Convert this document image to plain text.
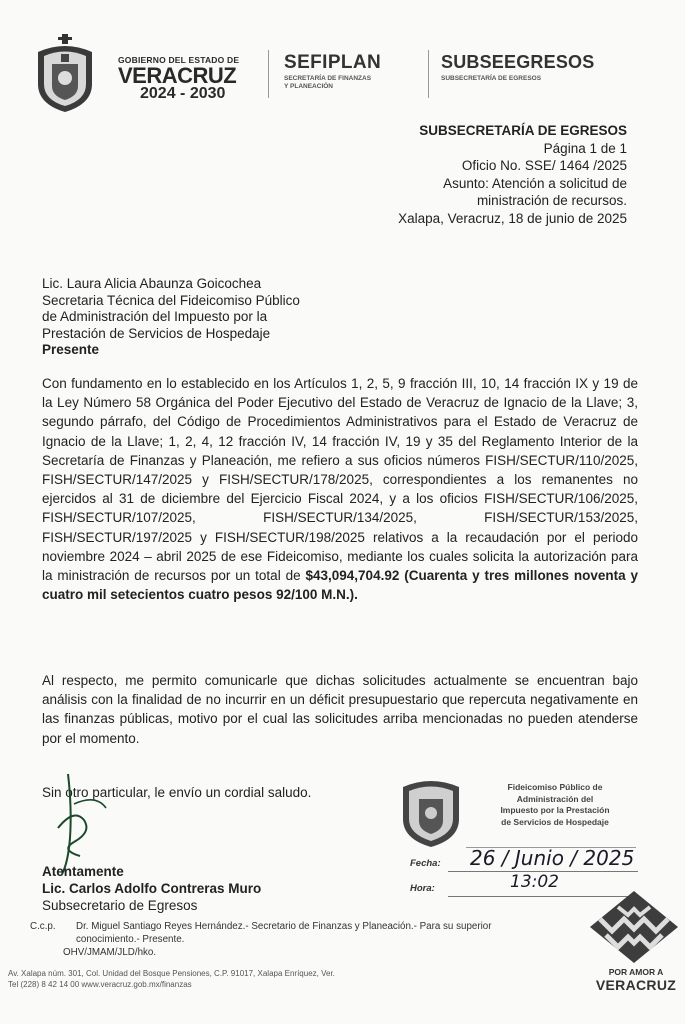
GOBIERNO DEL ESTADO DE
VERACRUZ
2024 - 2030
SEFIPLAN
SECRETARÍA DE FINANZAS
Y PLANEACIÓN
SUBSEEGRESOS
SUBSECRETARÍA DE EGRESOS
SUBSECRETARÍA DE EGRESOS
Página 1 de 1
Oficio No. SSE/ 1464 /2025
Asunto: Atención a solicitud de
ministración de recursos.
Xalapa, Veracruz, 18 de junio de 2025
Lic. Laura Alicia Abaunza Goicochea
Secretaria Técnica del Fideicomiso Público
de Administración del Impuesto por la
Prestación de Servicios de Hospedaje
Presente

Con fundamento en lo establecido en los Artículos 1, 2, 5, 9 fracción III, 10, 14 fracción IX y 19 de la Ley Número 58 Orgánica del Poder Ejecutivo del Estado de Veracruz de Ignacio de la Llave; 3, segundo párrafo, del Código de Procedimientos Administrativos para el Estado de Veracruz de Ignacio de la Llave; 1, 2, 4, 12 fracción IV, 14 fracción IV, 19 y 35 del Reglamento Interior de la Secretaría de Finanzas y Planeación, me refiero a sus oficios números FISH/SECTUR/110/2025, FISH/SECTUR/147/2025 y FISH/SECTUR/178/2025, correspondientes a los remanentes no ejercidos al 31 de diciembre del Ejercicio Fiscal 2024, y a los oficios FISH/SECTUR/106/2025, FISH/SECTUR/107/2025, FISH/SECTUR/134/2025, FISH/SECTUR/153/2025, FISH/SECTUR/197/2025 y FISH/SECTUR/198/2025 relativos a la recaudación por el periodo noviembre 2024 – abril 2025 de ese Fideicomiso, mediante los cuales solicita la autorización para la ministración de recursos por un total de $43,094,704.92 (Cuarenta y tres millones noventa y cuatro mil setecientos cuatro pesos 92/100 M.N.).

Al respecto, me permito comunicarle que dichas solicitudes actualmente se encuentran bajo análisis con la finalidad de no incurrir en un déficit presupuestario que repercuta negativamente en las finanzas públicas, motivo por el cual las solicitudes arriba mencionadas no pueden atenderse por el momento.

Sin otro particular, le envío un cordial saludo.	Fideicomiso Público de
Administración del
Impuesto por la Prestación
de Servicios de Hospedaje
Fecha: 26 / Junio / 2025
Hora:	13:02
Atentamente
Lic. Carlos Adolfo Contreras Muro
Subsecretario de Egresos
C.c.p. Dr. Miguel Santiago Reyes Hernández.- Secretario de Finanzas y Planeación.- Para su superior
conocimiento.- Presente.
OHV/JMAM/JLD/hko.
Av. Xalapa núm. 301, Col. Unidad del Bosque Pensiones, C.P. 91017, Xalapa Enríquez, Ver.
Tel (228) 8 42 14 00 www.veracruz.gob.mx/finanzas
POR AMOR A
VERACRUZ
